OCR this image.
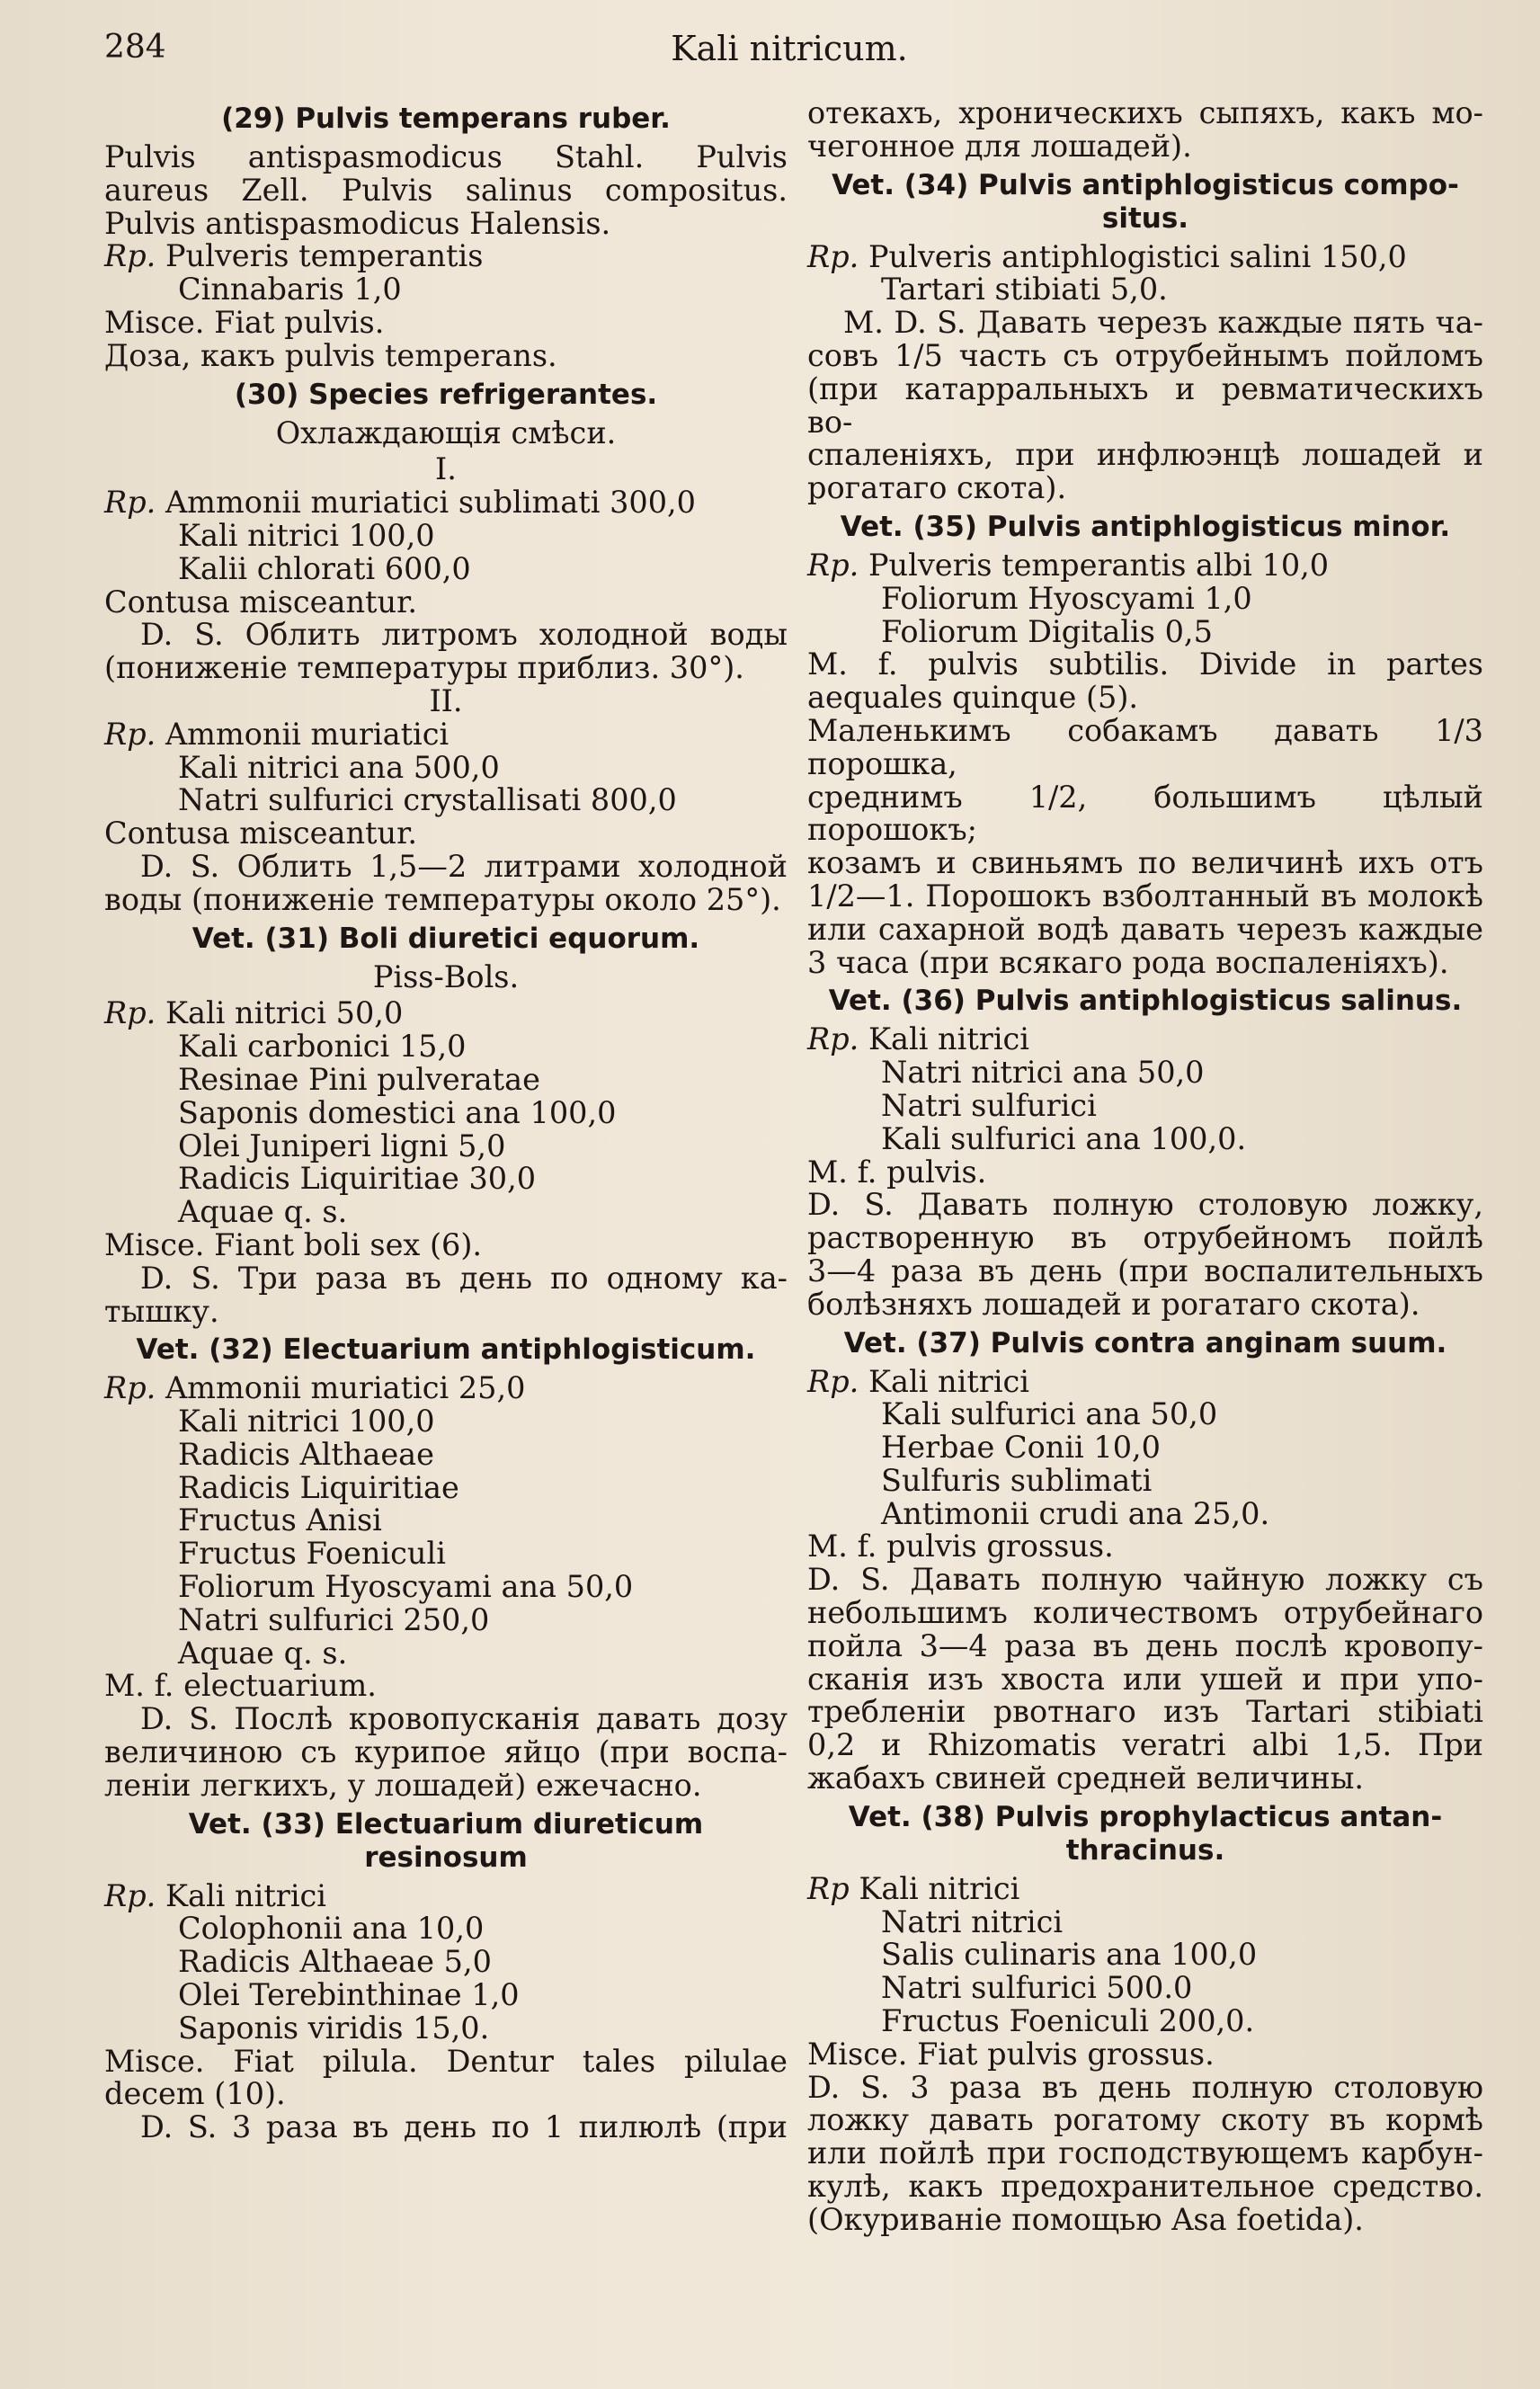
284	Kali nitricum.

(29) Pulvis temperans ruber.

Pulvis antispasmodicus Stahl. Pulvis

aureus Zell. Pulvis salinus compositus.

Pulvis antispasmodicus Halensis.

Rp. Pulveris temperantis

Cinnabaris 1,0

Misce. Fiat pulvis.

Доза, какъ pulvis temperans.

(30) Species refrigerantes.

Охлаждающія смѣси.

I.

Rp. Ammonii muriatici sublimati 300,0

Kali nitrici 100,0

Kalii chlorati 600,0

Contusa misceantur.

D. S. Облить литромъ холодной воды

(пониженіе температуры приблиз. 30°).

II.

Rp. Ammonii muriatici

Kali nitrici ana 500,0

Natri sulfurici crystallisati 800,0

Contusa misceantur.

D. S. Облить 1,5—2 литрами холодной

воды (пониженіе температуры около 25°).

Vet. (31) Boli diuretici equorum.

Piss-Bols.

Rp. Kali nitrici 50,0

Kali carbonici 15,0

Resinae Pini pulveratae

Saponis domestici ana 100,0

Olei Juniperi ligni 5,0

Radicis Liquiritiae 30,0

Aquae q. s.

Misce. Fiant boli sex (6).

D. S. Три раза въ день по одному ка-

тышку.

Vet. (32) Electuarium antiphlogisticum.

Rp. Ammonii muriatici 25,0

Kali nitrici 100,0

Radicis Althaeae

Radicis Liquiritiae

Fructus Anisi

Fructus Foeniculi

Foliorum Hyoscyami ana 50,0

Natri sulfurici 250,0

Aquae q. s.

M. f. electuarium.

D. S. Послѣ кровопусканія давать дозу

величиною съ курипое яйцо (при воспа-

леніи легкихъ, у лошадей) ежечасно.

Vet. (33) Electuarium diureticum resinosum

Rp. Kali nitrici

Colophonii ana 10,0

Radicis Althaeae 5,0

Olei Terebinthinae 1,0

Saponis viridis 15,0.

Misce. Fiat pilula. Dentur tales pilulae

decem (10).

D. S. 3 раза въ день по 1 пилюлѣ (при

отекахъ, хроническихъ сыпяхъ, какъ мо-

чегонное для лошадей).

Vet. (34) Pulvis antiphlogisticus compo-

situs.

Rp. Pulveris antiphlogistici salini 150,0

Tartari stibiati 5,0.

M. D. S. Давать черезъ каждые пять ча-

совъ 1/5 часть съ отрубейнымъ пойломъ

(при катарральныхъ и ревматическихъ во-

спаленіяхъ, при инфлюэнцѣ лошадей и

рогатаго скота).

Vet. (35) Pulvis antiphlogisticus minor.

Rp. Pulveris temperantis albi 10,0

Foliorum Hyoscyami 1,0

Foliorum Digitalis 0,5

M. f. pulvis subtilis. Divide in partes

aequales quinque (5).

Маленькимъ собакамъ давать 1/3 порошка,

среднимъ 1/2, большимъ цѣлый порошокъ;

козамъ и свиньямъ по величинѣ ихъ отъ

1/2—1. Порошокъ взболтанный въ молокѣ

или сахарной водѣ давать черезъ каждые

3 часа (при всякаго рода воспаленіяхъ).

Vet. (36) Pulvis antiphlogisticus salinus.

Rp. Kali nitrici

Natri nitrici ana 50,0

Natri sulfurici

Kali sulfurici ana 100,0.

M. f. pulvis.

D. S. Давать полную столовую ложку,

растворенную въ отрубейномъ пойлѣ

3—4 раза въ день (при воспалительныхъ

болѣзняхъ лошадей и рогатаго скота).

Vet. (37) Pulvis contra anginam suum.

Rp. Kali nitrici

Kali sulfurici ana 50,0

Herbae Conii 10,0

Sulfuris sublimati

Antimonii crudi ana 25,0.

M. f. pulvis grossus.

D. S. Давать полную чайную ложку съ

небольшимъ количествомъ отрубейнаго

пойла 3—4 раза въ день послѣ кровопу-

сканія изъ хвоста или ушей и при упо-

требленіи рвотнаго изъ Tartari stibiati

0,2 и Rhizomatis veratri albi 1,5. При

жабахъ свиней средней величины.

Vet. (38) Pulvis prophylacticus antan-

thracinus.

Rp Kali nitrici

Natri nitrici

Salis culinaris ana 100,0

Natri sulfurici 500.0

Fructus Foeniculi 200,0.

Misce. Fiat pulvis grossus.

D. S. 3 раза въ день полную столовую

ложку давать рогатому скоту въ кормѣ

или пойлѣ при господствующемъ карбун-

кулѣ, какъ предохранительное средство.

(Окуриваніе помощью Asa foetida).
